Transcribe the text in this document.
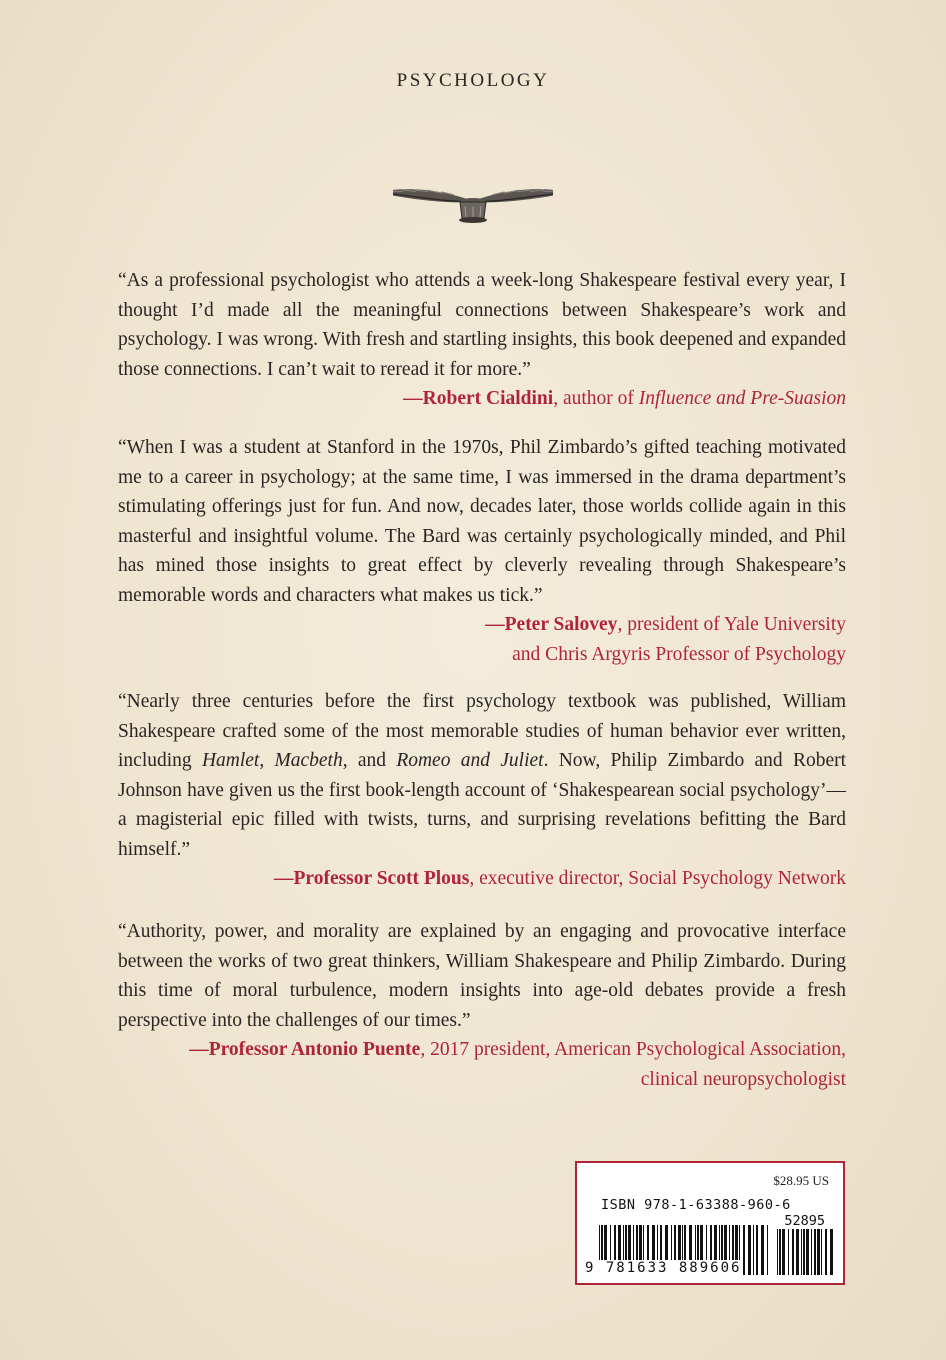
PSYCHOLOGY

“As a professional psychologist who attends a week-long Shakespeare festival every year, I thought I’d made all the meaningful connections between Shakespeare’s work and psychology. I was wrong. With fresh and startling insights, this book deepened and expanded those connections. I can’t wait to reread it for more.”

—Robert Cialdini, author of Influence and Pre-Suasion

“When I was a student at Stanford in the 1970s, Phil Zimbardo’s gifted teaching motivated me to a career in psychology; at the same time, I was immersed in the drama department’s stimulating offerings just for fun. And now, decades later, those worlds collide again in this masterful and insightful volume. The Bard was certainly psychologically minded, and Phil has mined those insights to great effect by cleverly revealing through Shakespeare’s memorable words and characters what makes us tick.”

—Peter Salovey, president of Yale University

and Chris Argyris Professor of Psychology

“Nearly three centuries before the first psychology textbook was published, William Shakespeare crafted some of the most memorable studies of human behavior ever written, including Hamlet, Macbeth, and Romeo and Juliet. Now, Philip Zimbardo and Robert Johnson have given us the first book-length account of ‘Shakespearean social psychology’—a magisterial epic filled with twists, turns, and surprising revelations befitting the Bard himself.”

—Professor Scott Plous, executive director, Social Psychology Network

“Authority, power, and morality are explained by an engaging and provocative interface between the works of two great thinkers, William Shakespeare and Philip Zimbardo. During this time of moral turbulence, modern insights into age-old debates provide a fresh perspective into the challenges of our times.”

—Professor Antonio Puente, 2017 president, American Psychological Association,

clinical neuropsychologist

$28.95 US
ISBN 978-1-63388-960-6
52895
9 781633 889606
